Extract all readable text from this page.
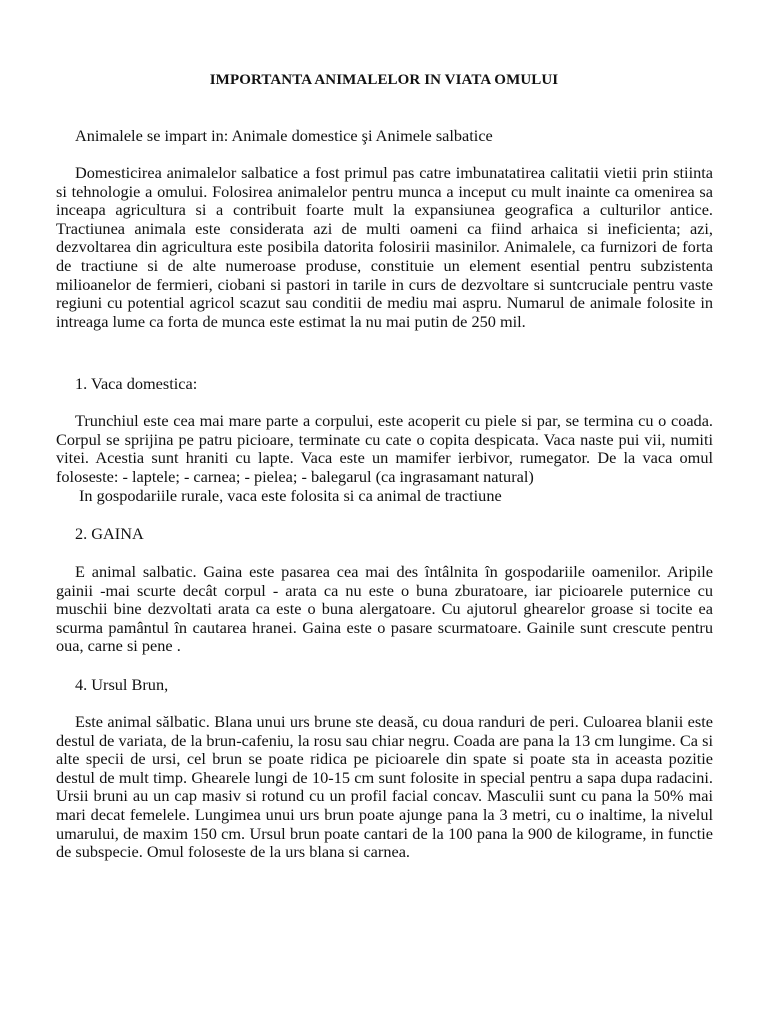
IMPORTANTA ANIMALELOR IN VIATA OMULUI

Animalele se impart in: Animale domestice şi Animele salbatice

Domesticirea animalelor salbatice a fost primul pas catre imbunatatirea calitatii vietii prin stiinta si tehnologie a omului. Folosirea animalelor pentru munca a inceput cu mult inainte ca omenirea sa inceapa agricultura si a contribuit foarte mult la expansiunea geografica a culturilor antice. Tractiunea animala este considerata azi de multi oameni ca fiind arhaica si ineficienta; azi, dezvoltarea din agricultura este posibila datorita folosirii masinilor. Animalele, ca furnizori de forta de tractiune si de alte numeroase produse, constituie un element esential pentru subzistenta milioanelor de fermieri, ciobani si pastori in tarile in curs de dezvoltare si suntcruciale pentru vaste regiuni cu potential agricol scazut sau conditii de mediu mai aspru. Numarul de animale folosite in intreaga lume ca forta de munca este estimat la nu mai putin de 250 mil.

1. Vaca domestica:

Trunchiul este cea mai mare parte a corpului, este acoperit cu piele si par, se termina cu o coada. Corpul se sprijina pe patru picioare, terminate cu cate o copita despicata. Vaca naste pui vii, numiti vitei. Acestia sunt hraniti cu lapte. Vaca este un mamifer ierbivor, rumegator. De la vaca omul foloseste: - laptele; - carnea; - pielea; - balegarul (ca ingrasamant natural)

In gospodariile rurale, vaca este folosita si ca animal de tractiune

2. GAINA

E animal salbatic. Gaina este pasarea cea mai des întâlnita în gospodariile oamenilor. Aripile gainii -mai scurte decât corpul - arata ca nu este o buna zburatoare, iar picioarele puternice cu muschii bine dezvoltati arata ca este o buna alergatoare. Cu ajutorul ghearelor groase si tocite ea scurma pamântul în cautarea hranei. Gaina este o pasare scurmatoare. Gainile sunt crescute pentru oua, carne si pene .

4. Ursul Brun,

Este animal sălbatic. Blana unui urs brune ste deasă, cu doua randuri de peri. Culoarea blanii este destul de variata, de la brun-cafeniu, la rosu sau chiar negru. Coada are pana la 13 cm lungime. Ca si alte specii de ursi, cel brun se poate ridica pe picioarele din spate si poate sta in aceasta pozitie destul de mult timp. Ghearele lungi de 10-15 cm sunt folosite in special pentru a sapa dupa radacini. Ursii bruni au un cap masiv si rotund cu un profil facial concav. Masculii sunt cu pana la 50% mai mari decat femelele. Lungimea unui urs brun poate ajunge pana la 3 metri, cu o inaltime, la nivelul umarului, de maxim 150 cm. Ursul brun poate cantari de la 100 pana la 900 de kilograme, in functie de subspecie. Omul foloseste de la urs blana si carnea.
